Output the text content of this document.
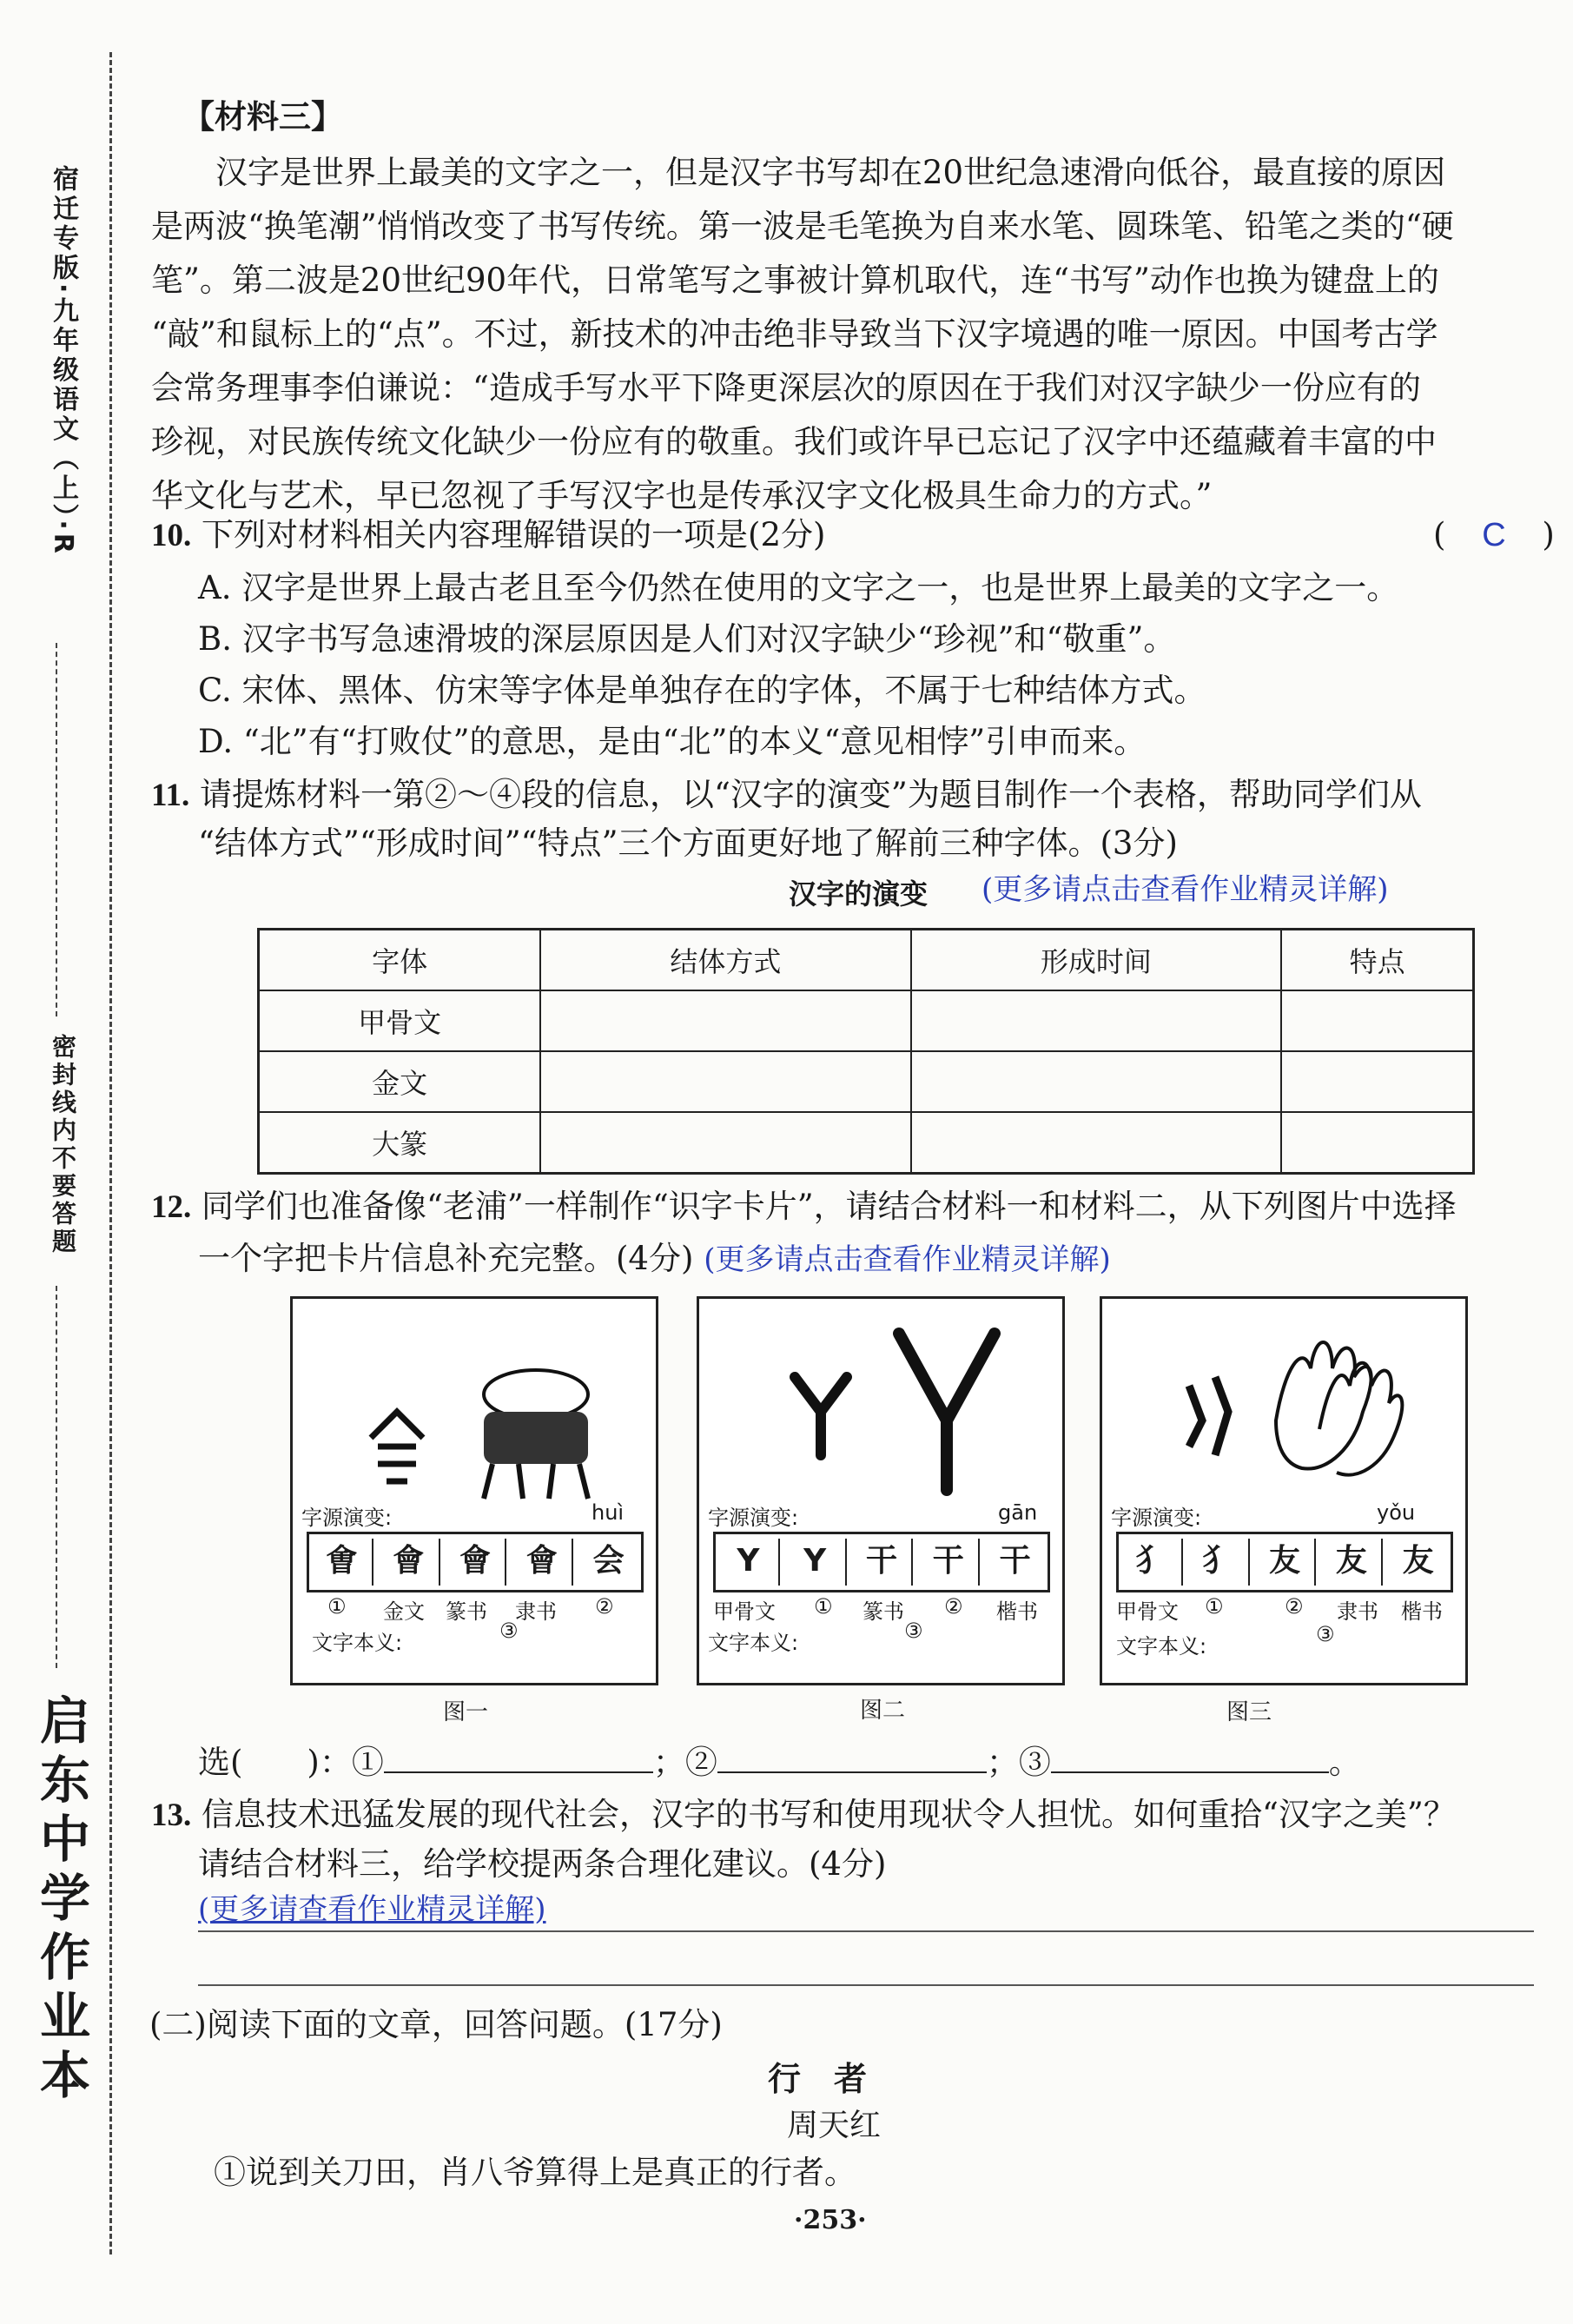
宿迁专版·九年级语文（上）·R
密封线内不要答题
启东中学作业本
【材料三】
汉字是世界上最美的文字之一，但是汉字书写却在20世纪急速滑向低谷，最直接的原因
是两波“换笔潮”悄悄改变了书写传统。第一波是毛笔换为自来水笔、圆珠笔、铅笔之类的“硬
笔”。第二波是20世纪90年代，日常笔写之事被计算机取代，连“书写”动作也换为键盘上的
“敲”和鼠标上的“点”。不过，新技术的冲击绝非导致当下汉字境遇的唯一原因。中国考古学
会常务理事李伯谦说：“造成手写水平下降更深层次的原因在于我们对汉字缺少一份应有的
珍视，对民族传统文化缺少一份应有的敬重。我们或许早已忘记了汉字中还蕴藏着丰富的中
华文化与艺术，早已忽视了手写汉字也是传承汉字文化极具生命力的方式。”
10. 下列对材料相关内容理解错误的一项是(2分)	( C )
A. 汉字是世界上最古老且至今仍然在使用的文字之一，也是世界上最美的文字之一。
B. 汉字书写急速滑坡的深层原因是人们对汉字缺少“珍视”和“敬重”。
C. 宋体、黑体、仿宋等字体是单独存在的字体，不属于七种结体方式。
D. “北”有“打败仗”的意思，是由“北”的本义“意见相悖”引申而来。
11. 请提炼材料一第②～④段的信息，以“汉字的演变”为题目制作一个表格，帮助同学们从
“结体方式”“形成时间”“特点”三个方面更好地了解前三种字体。(3分)
汉字的演变 (更多请点击查看作业精灵详解)
字体	结体方式	形成时间	特点
甲骨文			
金文			
大篆			
12. 同学们也准备像“老浦”一样制作“识字卡片”，请结合材料一和材料二，从下列图片中选择
一个字把卡片信息补充完整。(4分) (更多请点击查看作业精灵详解)
字源演变:	huì
㑹	會	會	會	会
① 金文 篆书 隶书 ②
文字本义:	③
图一
字源演变:	gān
Y	Y	干	干	干
甲骨文 ① 篆书 ② 楷书
文字本义:	③
图二
字源演变:	yǒu
犭	犭	友	友	友
甲骨文 ①	② 隶书 楷书
文字本义:	③
图三
选(　　)：①	；②	；③	。
13. 信息技术迅猛发展的现代社会，汉字的书写和使用现状令人担忧。如何重拾“汉字之美”？
请结合材料三，给学校提两条合理化建议。(4分)
(更多请查看作业精灵详解)
(二)阅读下面的文章，回答问题。(17分)
行　者
周天红
①说到关刀田，肖八爷算得上是真正的行者。
·253·
